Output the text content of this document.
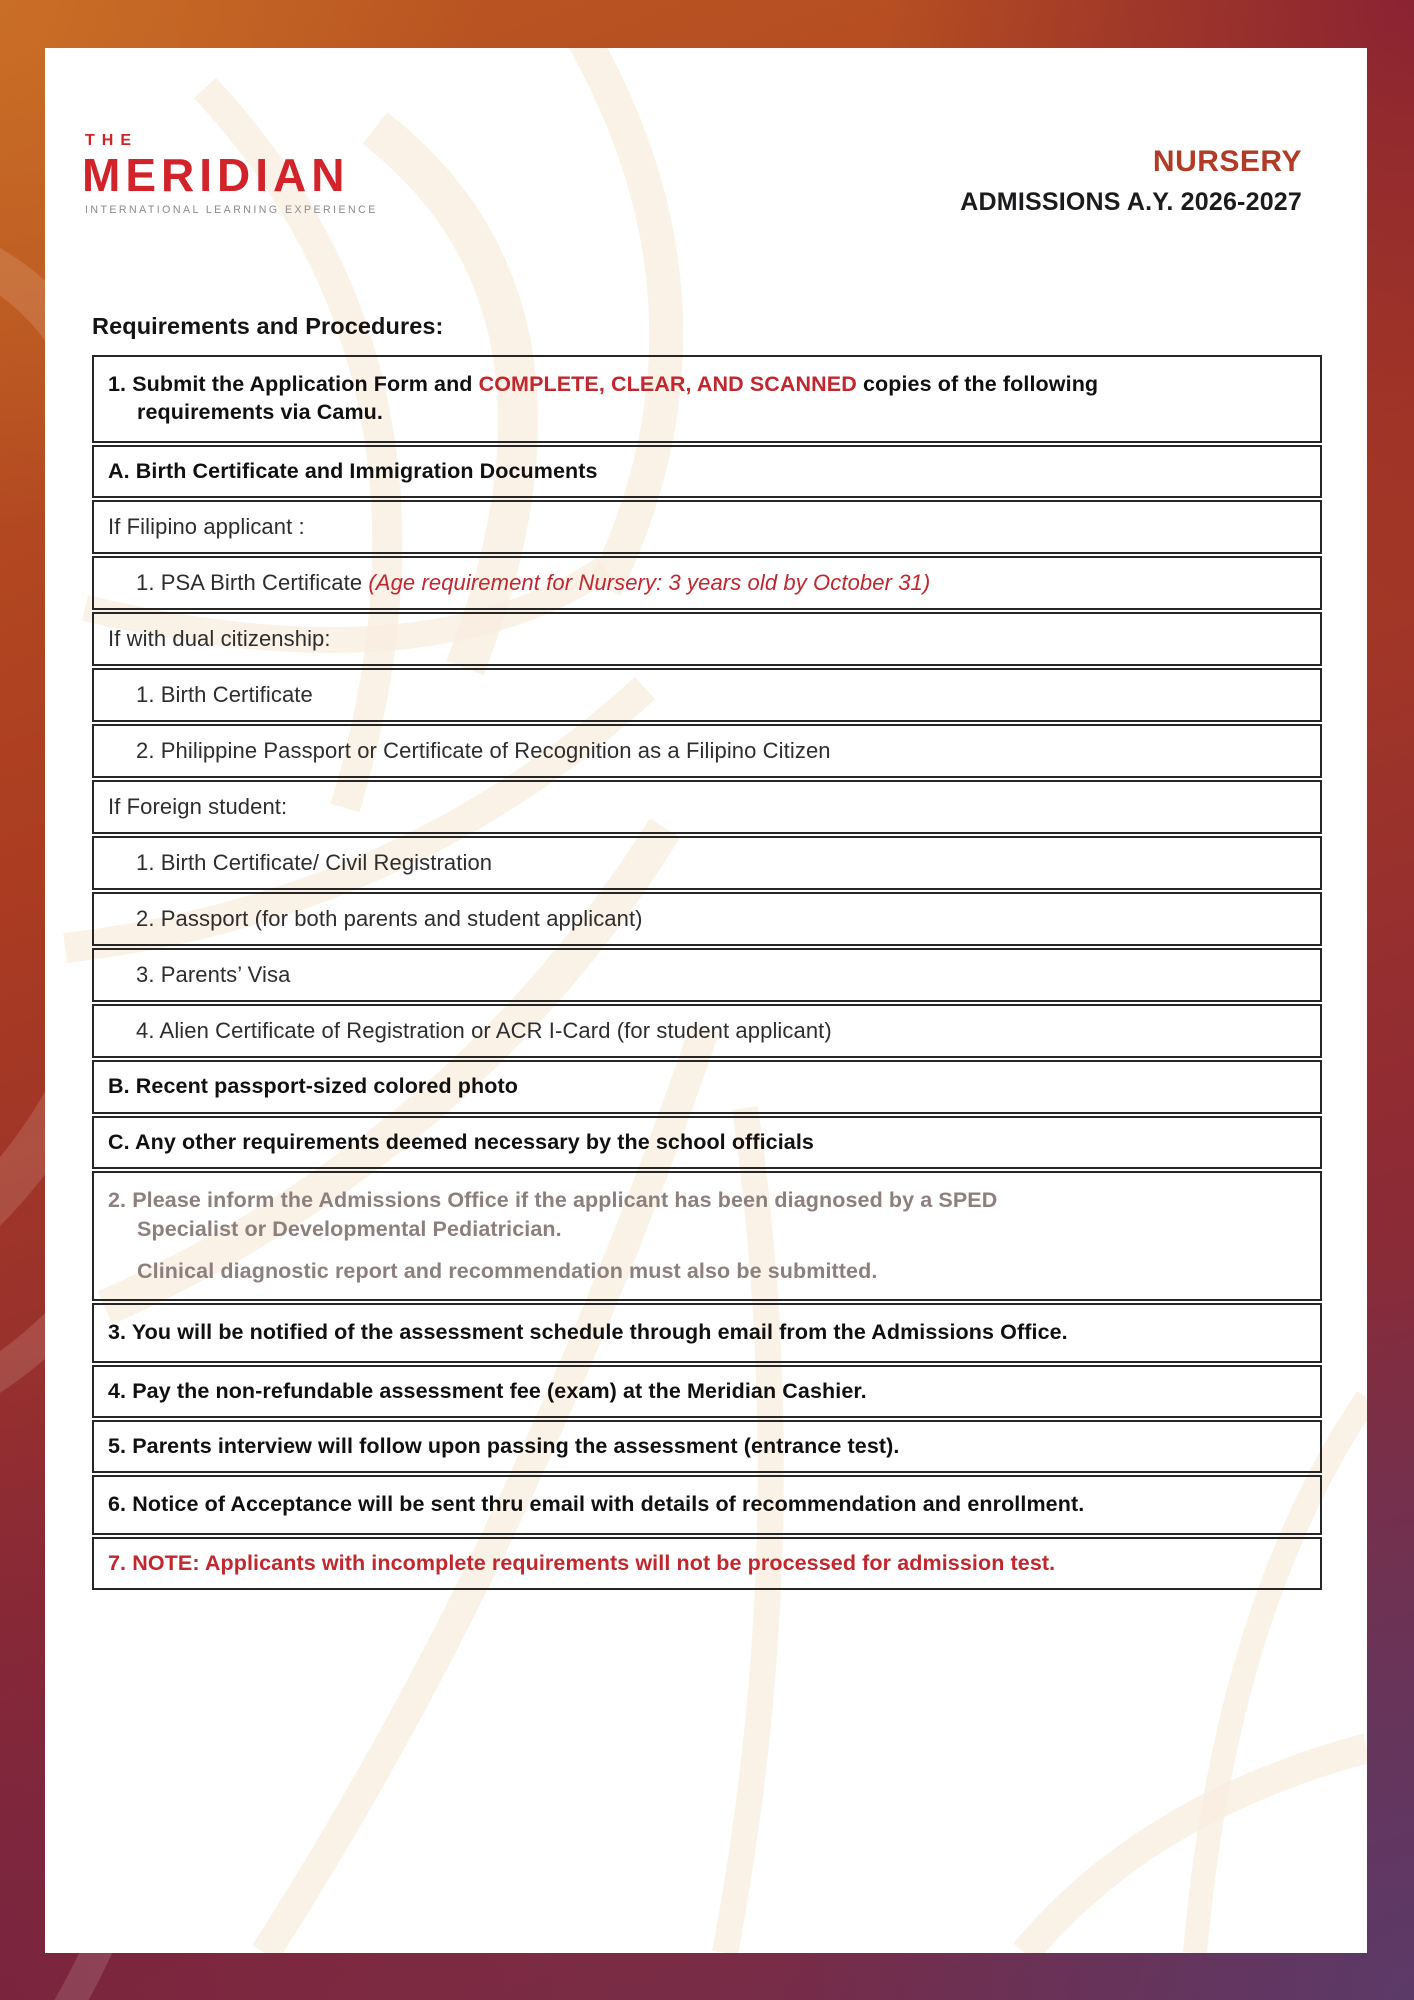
THE
MERIDIAN
INTERNATIONAL LEARNING EXPERIENCE
NURSERY
ADMISSIONS A.Y. 2026-2027
Requirements and Procedures:

1. Submit the Application Form and COMPLETE, CLEAR, AND SCANNED copies of the following requirements via Camu.

A. Birth Certificate and Immigration Documents

If Filipino applicant :

1. PSA Birth Certificate (Age requirement for Nursery: 3 years old by October 31)

If with dual citizenship:

1. Birth Certificate

2. Philippine Passport or Certificate of Recognition as a Filipino Citizen

If Foreign student:

1. Birth Certificate/ Civil Registration

2. Passport (for both parents and student applicant)

3. Parents’ Visa

4. Alien Certificate of Registration or ACR I-Card (for student applicant)

B. Recent passport-sized colored photo

C. Any other requirements deemed necessary by the school officials

2. Please inform the Admissions Office if the applicant has been diagnosed by a SPED Specialist or Developmental Pediatrician.

Clinical diagnostic report and recommendation must also be submitted.

3. You will be notified of the assessment schedule through email from the Admissions Office.

4. Pay the non-refundable assessment fee (exam) at the Meridian Cashier.

5. Parents interview will follow upon passing the assessment (entrance test).

6. Notice of Acceptance will be sent thru email with details of recommendation and enrollment.

7. NOTE: Applicants with incomplete requirements will not be processed for admission test.
